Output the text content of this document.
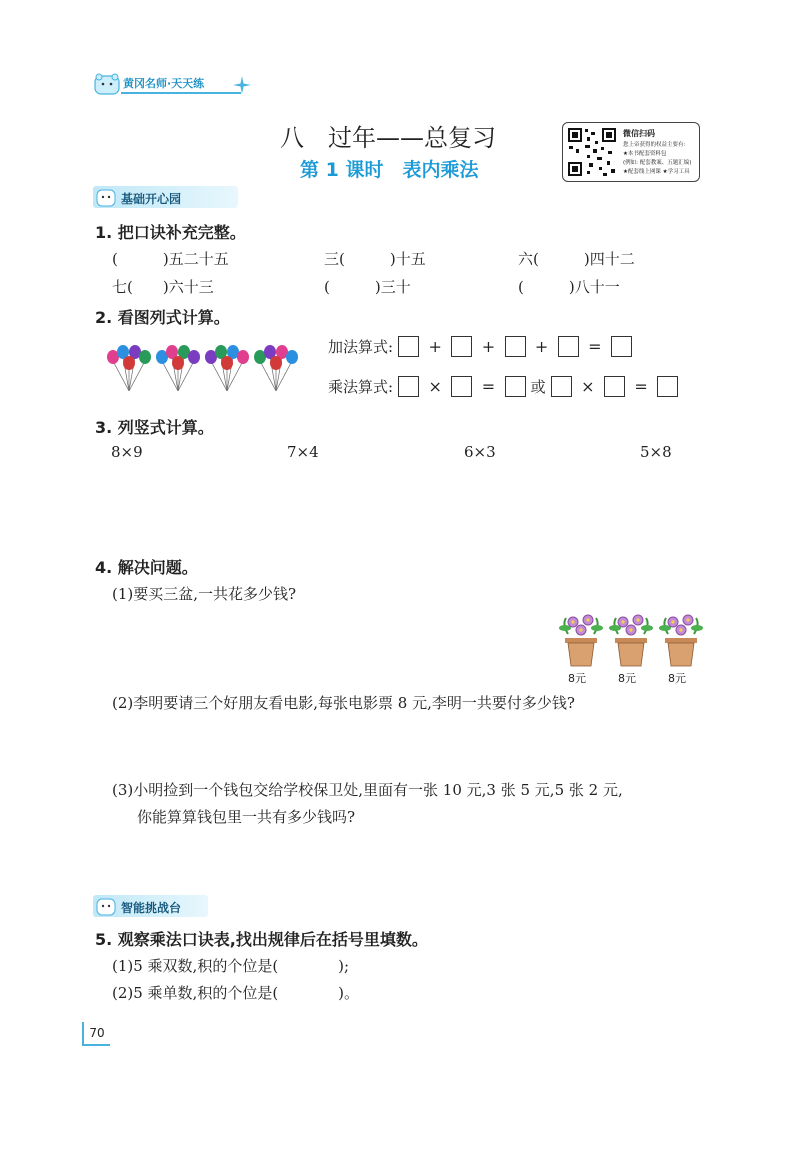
黄冈名师·天天练
八　过年——总复习
第 1 课时　表内乘法
微信扫码
您上帝获得的权益主要有:
★本书配套资料包
(例如: 配套教案、五题汇编)
★配套线上网课 ★学习工具
基础开心园
1. 把口诀补充完整。
(　　　)五二十五	三(　　　)十五	六(　　　)四十二
七(　　)六十三	(　　　)三十	(　　　)八十一
2. 看图列式计算。
加法算式: + + + =
乘法算式: × = 或 × =
3. 列竖式计算。
8×9	7×4	6×3	5×8
4. 解决问题。
(1)要买三盆,一共花多少钱?
8元	8元	8元
(2)李明要请三个好朋友看电影,每张电影票 8 元,李明一共要付多少钱?
(3)小明捡到一个钱包交给学校保卫处,里面有一张 10 元,3 张 5 元,5 张 2 元,
你能算算钱包里一共有多少钱吗?
智能挑战台
5. 观察乘法口诀表,找出规律后在括号里填数。
(1)5 乘双数,积的个位是(　　　　);
(2)5 乘单数,积的个位是(　　　　)。
70
